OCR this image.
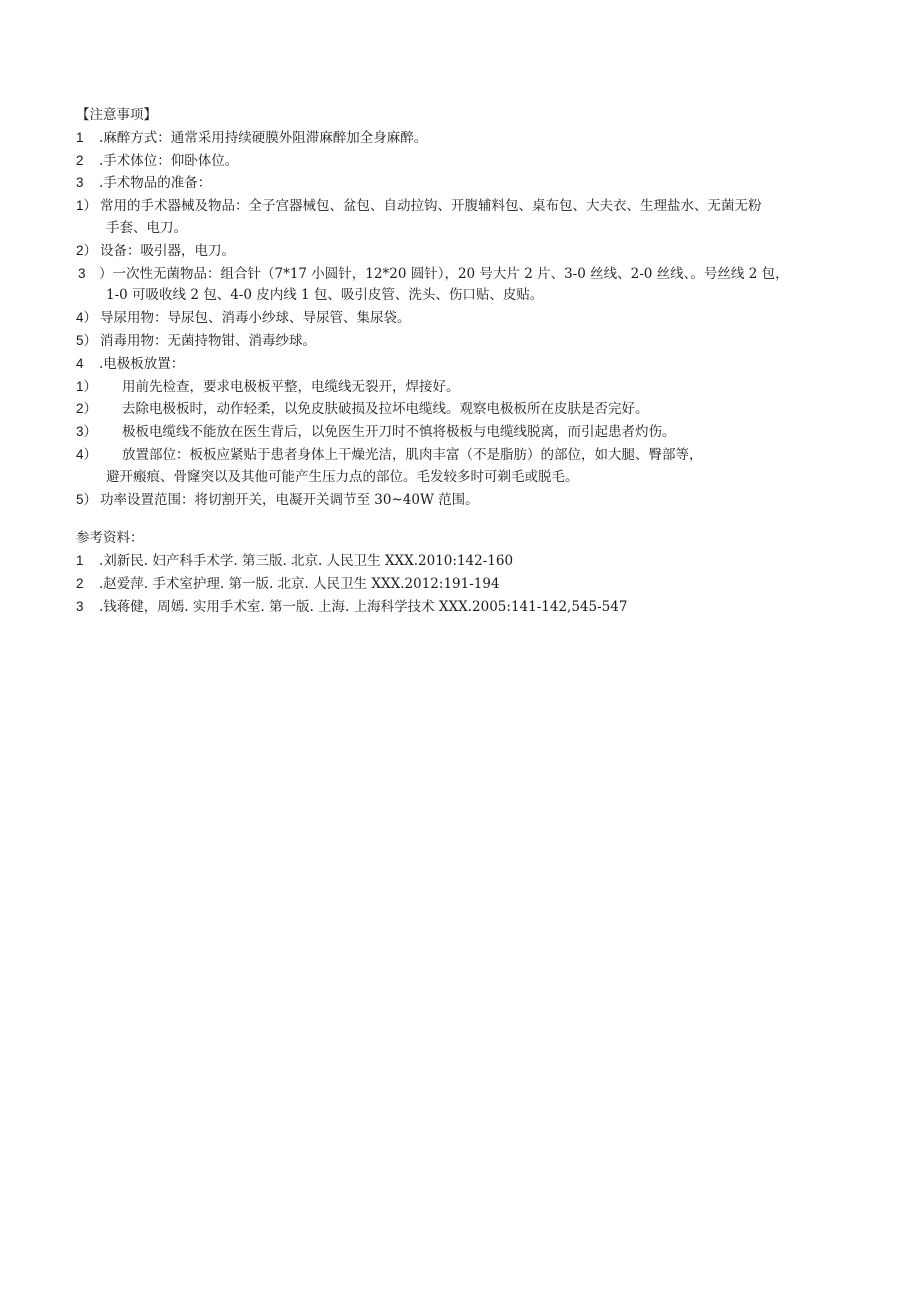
【注意事项】
1 .麻醉方式：通常采用持续硬膜外阻滞麻醉加全身麻醉。
2 .手术体位：仰卧体位。
3 .手术物品的准备：
1） 常用的手术器械及物品：全子宫器械包、盆包、自动拉钩、开腹辅料包、桌布包、大夫衣、生理盐水、无菌无粉
手套、电刀。
2） 设备：吸引器，电刀。
3 ）一次性无菌物品：组合针（7*17 小圆针，12*20 圆针），20 号大片 2 片、3-0 丝线、2-0 丝线、。号丝线 2 包，
1-0 可吸收线 2 包、4-0 皮内线 1 包、吸引皮管、洗头、伤口贴、皮贴。
4） 导尿用物：导尿包、消毒小纱球、导尿管、集尿袋。
5） 消毒用物：无菌持物钳、消毒纱球。
4 .电极板放置：
1） 用前先检查，要求电极板平整，电缆线无裂开，焊接好。
2） 去除电极板时，动作轻柔，以免皮肤破损及拉坏电缆线。观察电极板所在皮肤是否完好。
3） 极板电缆线不能放在医生背后，以免医生开刀时不慎将极板与电缆线脱离，而引起患者灼伤。
4） 放置部位：板板应紧贴于患者身体上干燥光洁，肌肉丰富（不是脂肪）的部位，如大腿、臀部等，
避开瘢痕、骨窿突以及其他可能产生压力点的部位。毛发较多时可剃毛或脱毛。
5） 功率设置范围：将切割开关，电凝开关调节至 30~40W 范围。
参考资料：
1 .刘新民. 妇产科手术学. 第三版. 北京. 人民卫生 XXX.2010:142-160
2 .赵爱萍. 手术室护理. 第一版. 北京. 人民卫生 XXX.2012:191-194
3 .钱蒋健，周嫣. 实用手术室. 第一版. 上海. 上海科学技术 XXX.2005:141-142,545-547
